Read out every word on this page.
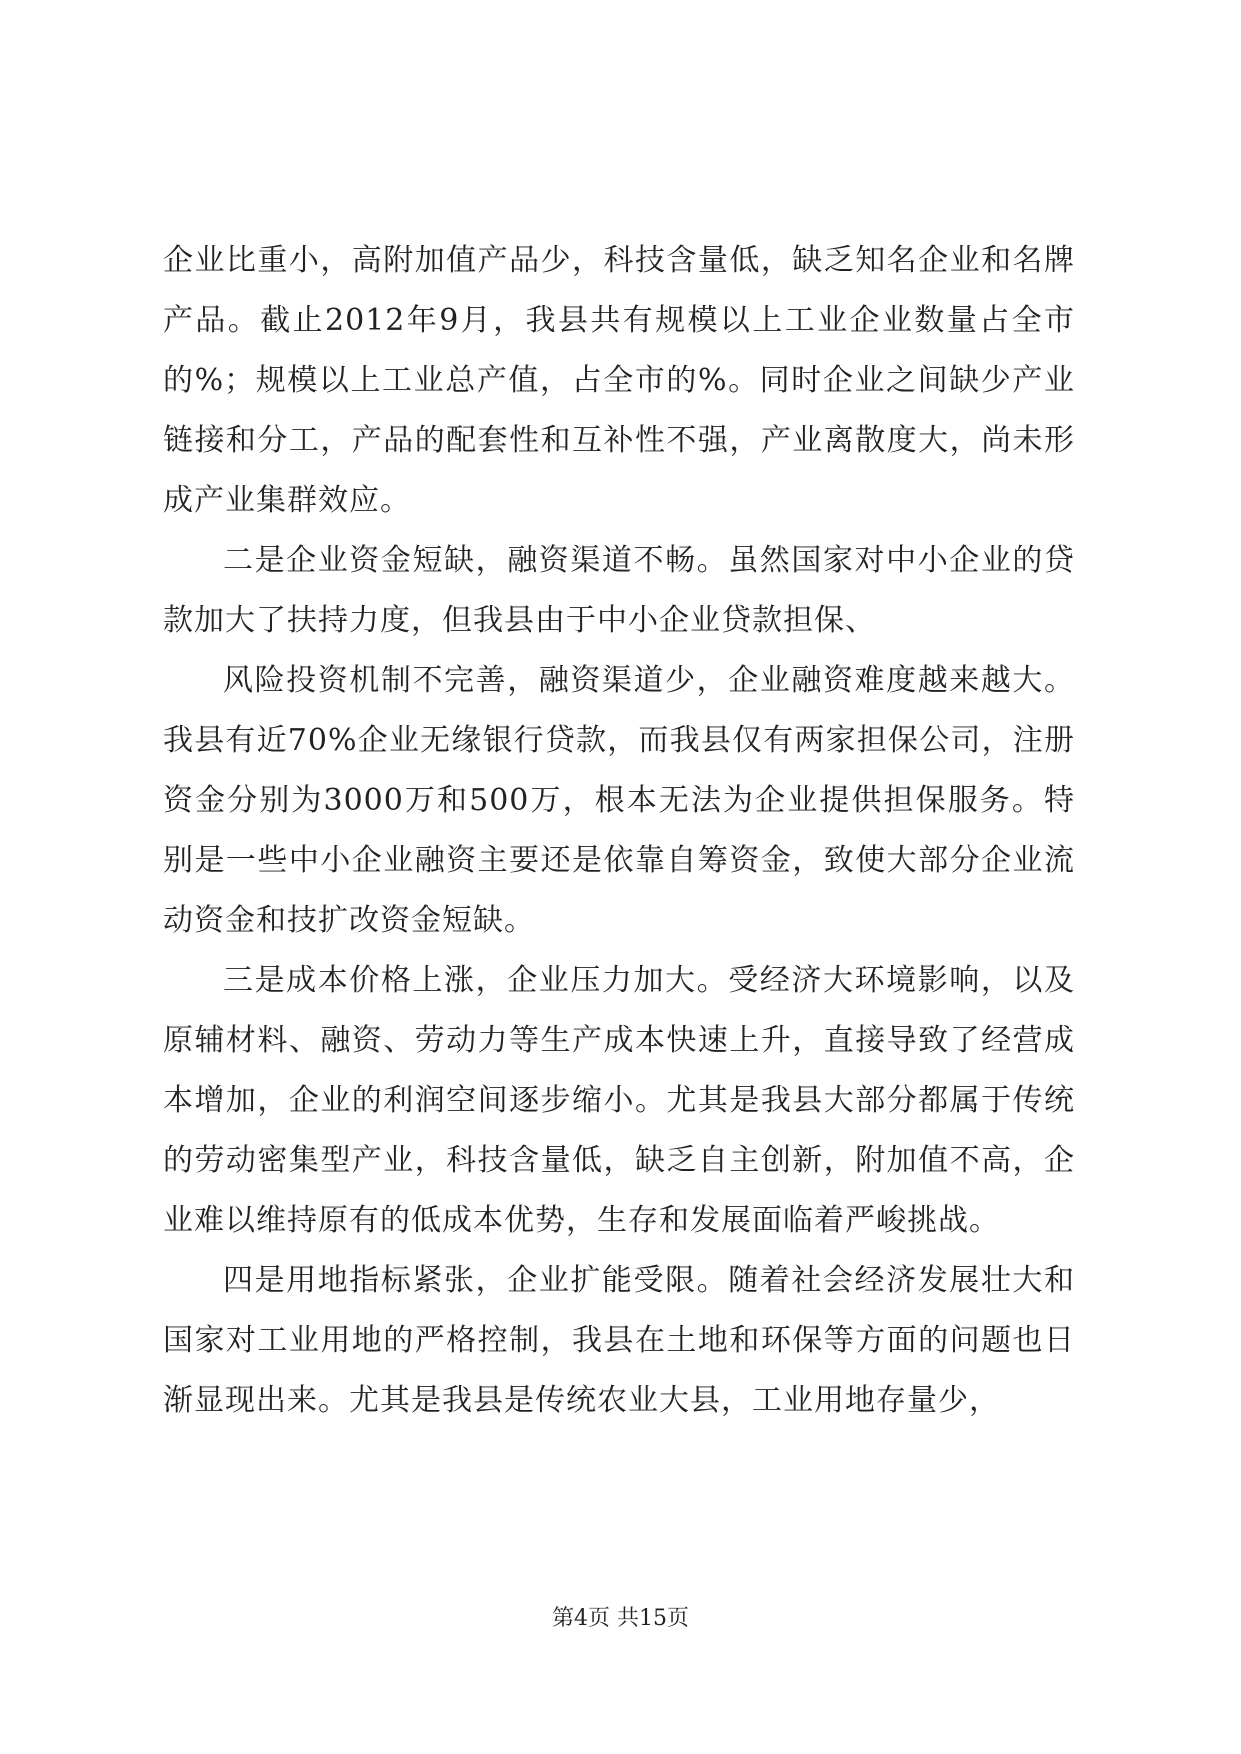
企业比重小，高附加值产品少，科技含量低，缺乏知名企业和名牌产品。截止2012年9月，我县共有规模以上工业企业数量占全市的%；规模以上工业总产值，占全市的%。同时企业之间缺少产业链接和分工，产品的配套性和互补性不强，产业离散度大，尚未形成产业集群效应。

二是企业资金短缺，融资渠道不畅。虽然国家对中小企业的贷款加大了扶持力度，但我县由于中小企业贷款担保、

风险投资机制不完善，融资渠道少，企业融资难度越来越大。我县有近70%企业无缘银行贷款，而我县仅有两家担保公司，注册资金分别为3000万和500万，根本无法为企业提供担保服务。特别是一些中小企业融资主要还是依靠自筹资金，致使大部分企业流动资金和技扩改资金短缺。

三是成本价格上涨，企业压力加大。受经济大环境影响，以及原辅材料、融资、劳动力等生产成本快速上升，直接导致了经营成本增加，企业的利润空间逐步缩小。尤其是我县大部分都属于传统的劳动密集型产业，科技含量低，缺乏自主创新，附加值不高，企业难以维持原有的低成本优势，生存和发展面临着严峻挑战。

四是用地指标紧张，企业扩能受限。随着社会经济发展壮大和国家对工业用地的严格控制，我县在土地和环保等方面的问题也日渐显现出来。尤其是我县是传统农业大县，工业用地存量少，

第4页 共15页
